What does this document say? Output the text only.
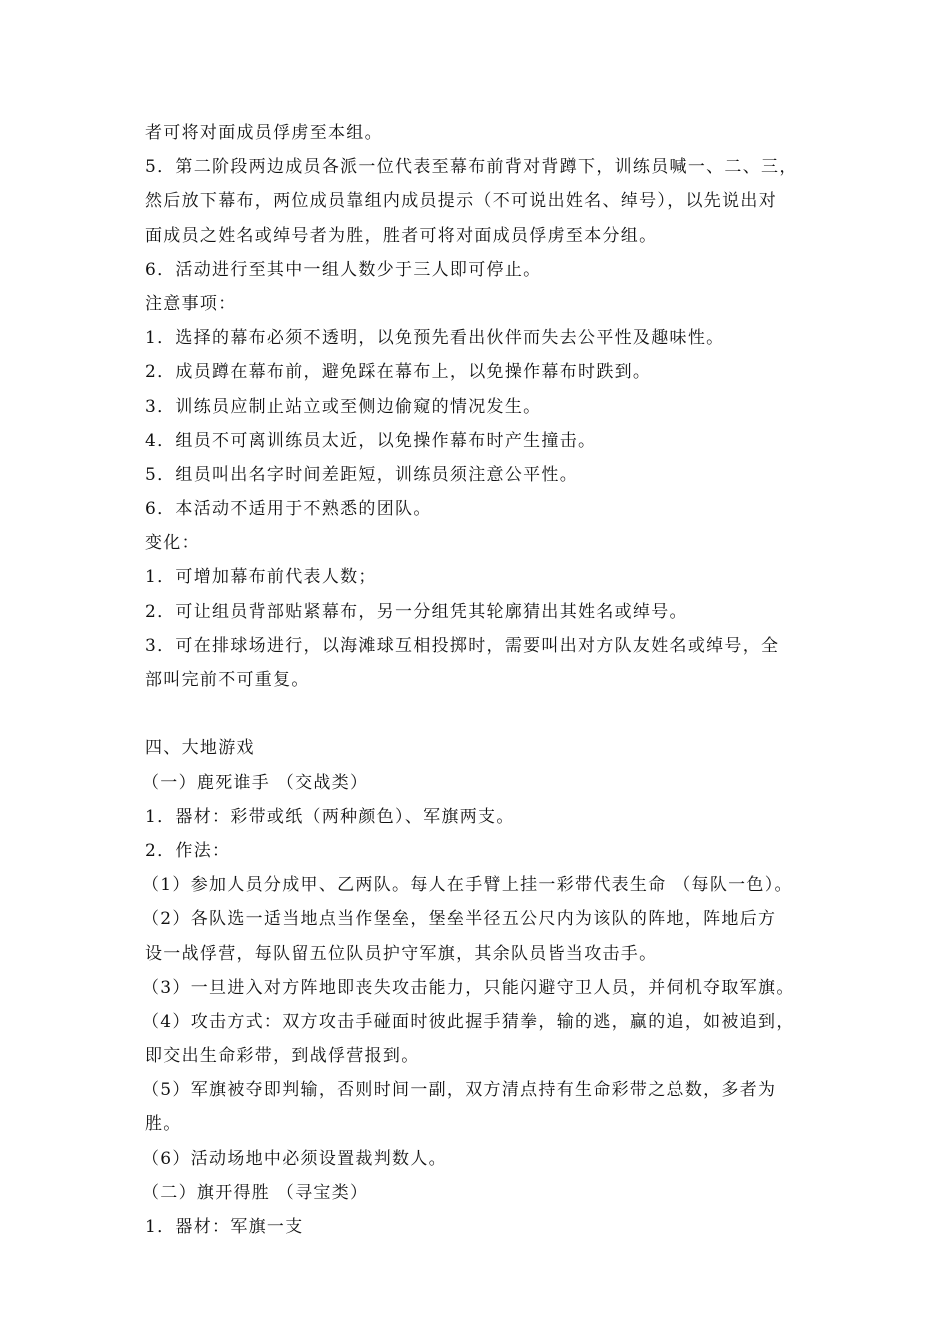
者可将对面成员俘虏至本组。
5．第二阶段两边成员各派一位代表至幕布前背对背蹲下，训练员喊一、二、三，
然后放下幕布，两位成员靠组内成员提示（不可说出姓名、绰号），以先说出对
面成员之姓名或绰号者为胜，胜者可将对面成员俘虏至本分组。
6．活动进行至其中一组人数少于三人即可停止。
注意事项：
1．选择的幕布必须不透明，以免预先看出伙伴而失去公平性及趣味性。
2．成员蹲在幕布前，避免踩在幕布上，以免操作幕布时跌到。
3．训练员应制止站立或至侧边偷窥的情况发生。
4．组员不可离训练员太近，以免操作幕布时产生撞击。
5．组员叫出名字时间差距短，训练员须注意公平性。
6．本活动不适用于不熟悉的团队。
变化：
1．可增加幕布前代表人数；
2．可让组员背部贴紧幕布，另一分组凭其轮廓猜出其姓名或绰号。
3．可在排球场进行，以海滩球互相投掷时，需要叫出对方队友姓名或绰号，全
部叫完前不可重复。
四、大地游戏
（一）鹿死谁手 （交战类）
1．器材：彩带或纸（两种颜色）、军旗两支。
2．作法：
（1）参加人员分成甲、乙两队。每人在手臂上挂一彩带代表生命 （每队一色）。
（2）各队选一适当地点当作堡垒，堡垒半径五公尺内为该队的阵地，阵地后方
设一战俘营，每队留五位队员护守军旗，其余队员皆当攻击手。
（3）一旦进入对方阵地即丧失攻击能力，只能闪避守卫人员，并伺机夺取军旗。
（4）攻击方式：双方攻击手碰面时彼此握手猜拳，输的逃，赢的追，如被追到，
即交出生命彩带，到战俘营报到。
（5）军旗被夺即判输，否则时间一副，双方清点持有生命彩带之总数，多者为
胜。
（6）活动场地中必须设置裁判数人。
（二）旗开得胜 （寻宝类）
1．器材：军旗一支
